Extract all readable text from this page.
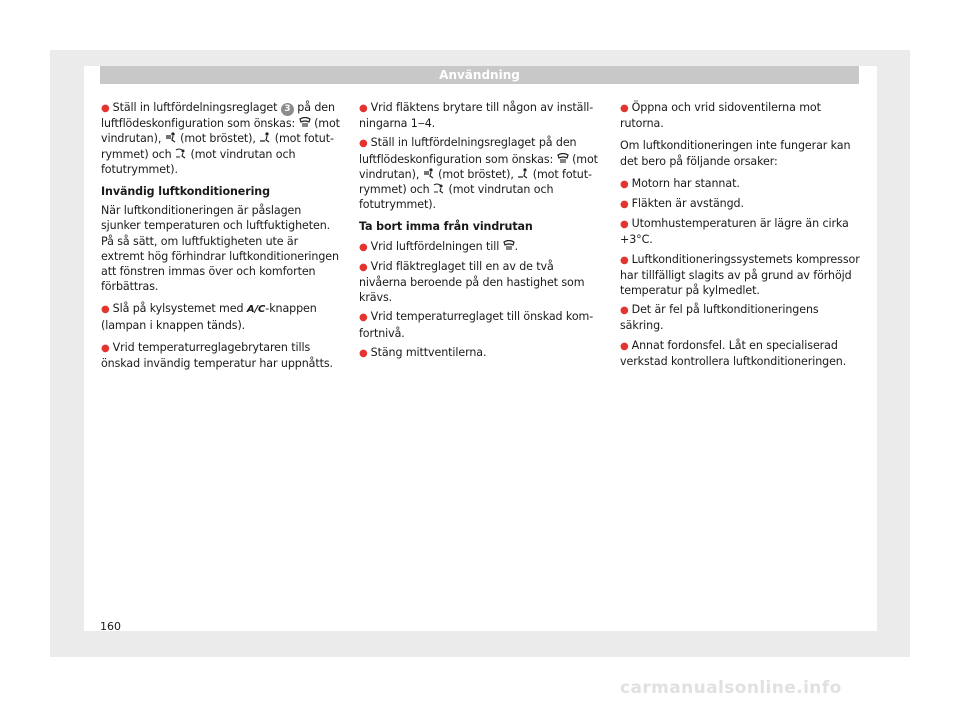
Användning

● Ställ in luftfördelningsreglaget 3 på den luftflödeskonfiguration som önskas: (mot vindrutan), (mot bröstet), (mot fotutrymmet) och (mot vindrutan och fotutrymmet).

Invändig luftkonditionering

När luftkonditioneringen är påslagen sjunker temperaturen och luftfuktigheten. På så sätt, om luftfuktigheten ute är extremt hög förhindrar luftkonditioneringen att fönstren immas över och komforten förbättras.

● Slå på kylsystemet med A/C-knappen (lampan i knappen tänds).

● Vrid temperaturreglagebrytaren tills önskad invändig temperatur har uppnåtts.

● Vrid fläktens brytare till någon av inställningarna 1‒4.

● Ställ in luftfördelningsreglaget på den luftflödeskonfiguration som önskas: (mot vindrutan), (mot bröstet), (mot fotutrymmet) och (mot vindrutan och fotutrymmet).

Ta bort imma från vindrutan

● Vrid luftfördelningen till .

● Vrid fläktreglaget till en av de två nivåerna beroende på den hastighet som krävs.

● Vrid temperaturreglaget till önskad komfortnivå.

● Stäng mittventilerna.

● Öppna och vrid sidoventilerna mot rutorna.

Om luftkonditioneringen inte fungerar kan det bero på följande orsaker:

● Motorn har stannat.

● Fläkten är avstängd.

● Utomhustemperaturen är lägre än cirka +3°C.

● Luftkonditioneringssystemets kompressor har tillfälligt slagits av på grund av förhöjd temperatur på kylmedlet.

● Det är fel på luftkonditioneringens säkring.

● Annat fordonsfel. Låt en specialiserad verkstad kontrollera luftkonditioneringen.

160
carmanualsonline.info
